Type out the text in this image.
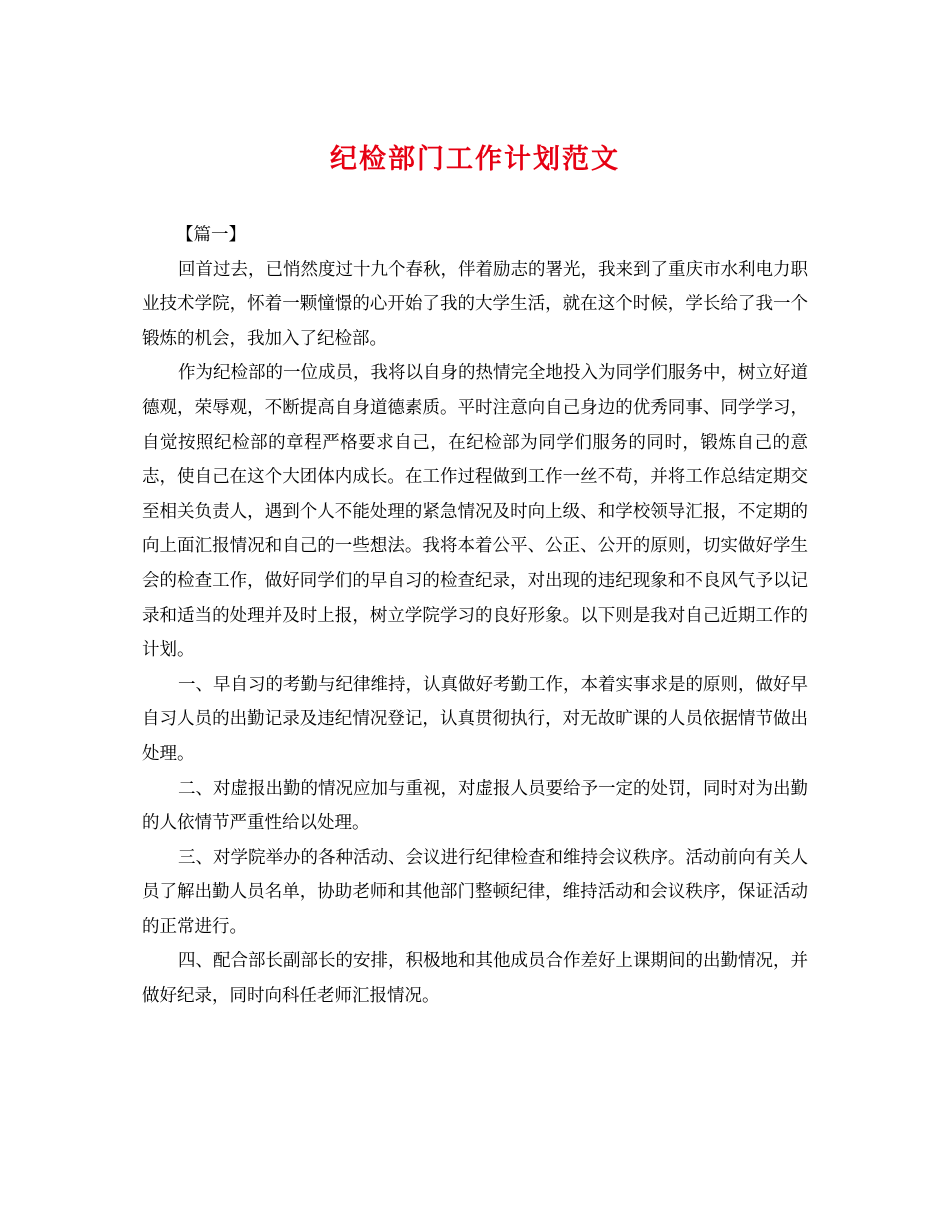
纪检部门工作计划范文

【篇一】

回首过去，已悄然度过十九个春秋，伴着励志的署光，我来到了重庆市水利电力职业技术学院，怀着一颗憧憬的心开始了我的大学生活，就在这个时候，学长给了我一个锻炼的机会，我加入了纪检部。

作为纪检部的一位成员，我将以自身的热情完全地投入为同学们服务中，树立好道德观，荣辱观，不断提高自身道德素质。平时注意向自己身边的优秀同事、同学学习，自觉按照纪检部的章程严格要求自己，在纪检部为同学们服务的同时，锻炼自己的意志，使自己在这个大团体内成长。在工作过程做到工作一丝不苟，并将工作总结定期交至相关负责人，遇到个人不能处理的紧急情况及时向上级、和学校领导汇报，不定期的向上面汇报情况和自己的一些想法。我将本着公平、公正、公开的原则，切实做好学生会的检查工作，做好同学们的早自习的检查纪录，对出现的违纪现象和不良风气予以记录和适当的处理并及时上报，树立学院学习的良好形象。以下则是我对自己近期工作的计划。

一、早自习的考勤与纪律维持，认真做好考勤工作，本着实事求是的原则，做好早自习人员的出勤记录及违纪情况登记，认真贯彻执行，对无故旷课的人员依据情节做出处理。

二、对虚报出勤的情况应加与重视，对虚报人员要给予一定的处罚，同时对为出勤的人依情节严重性给以处理。

三、对学院举办的各种活动、会议进行纪律检查和维持会议秩序。活动前向有关人员了解出勤人员名单，协助老师和其他部门整顿纪律，维持活动和会议秩序，保证活动的正常进行。

四、配合部长副部长的安排，积极地和其他成员合作差好上课期间的出勤情况，并做好纪录，同时向科任老师汇报情况。
